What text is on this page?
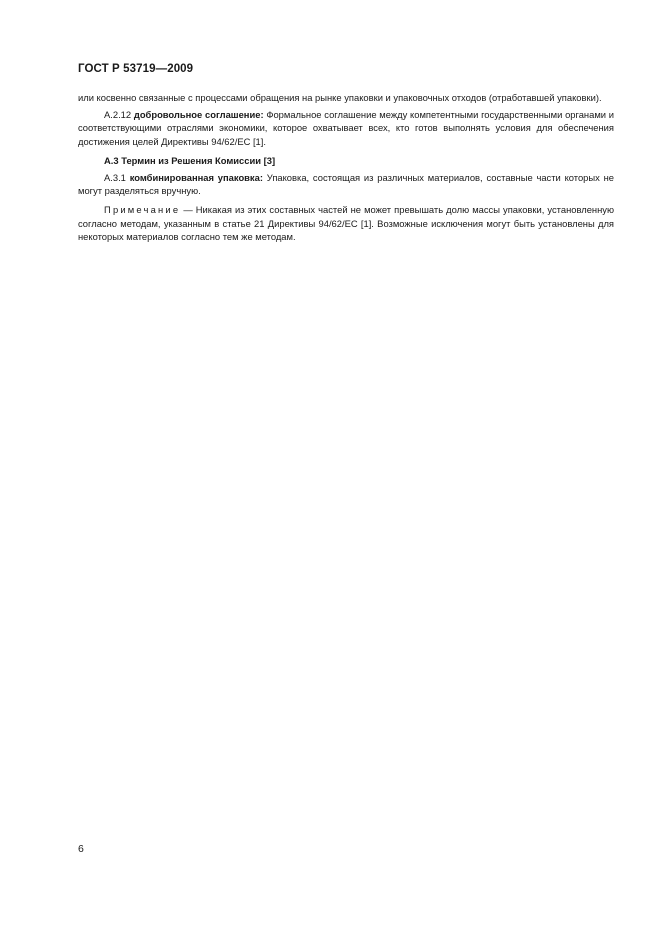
ГОСТ Р 53719—2009

или косвенно связанные с процессами обращения на рынке упаковки и упаковочных отходов (отработавшей упаковки).

А.2.12 добровольное соглашение: Формальное соглашение между компетентными государственными органами и соответствующими отраслями экономики, которое охватывает всех, кто готов выполнять условия для обеспечения достижения целей Директивы 94/62/ЕС [1].

А.3 Термин из Решения Комиссии [3]

А.3.1 комбинированная упаковка: Упаковка, состоящая из различных материалов, составные части которых не могут разделяться вручную.

Примечание — Никакая из этих составных частей не может превышать долю массы упаковки, установленную согласно методам, указанным в статье 21 Директивы 94/62/ЕС [1]. Возможные исключения могут быть установлены для некоторых материалов согласно тем же методам.

6
